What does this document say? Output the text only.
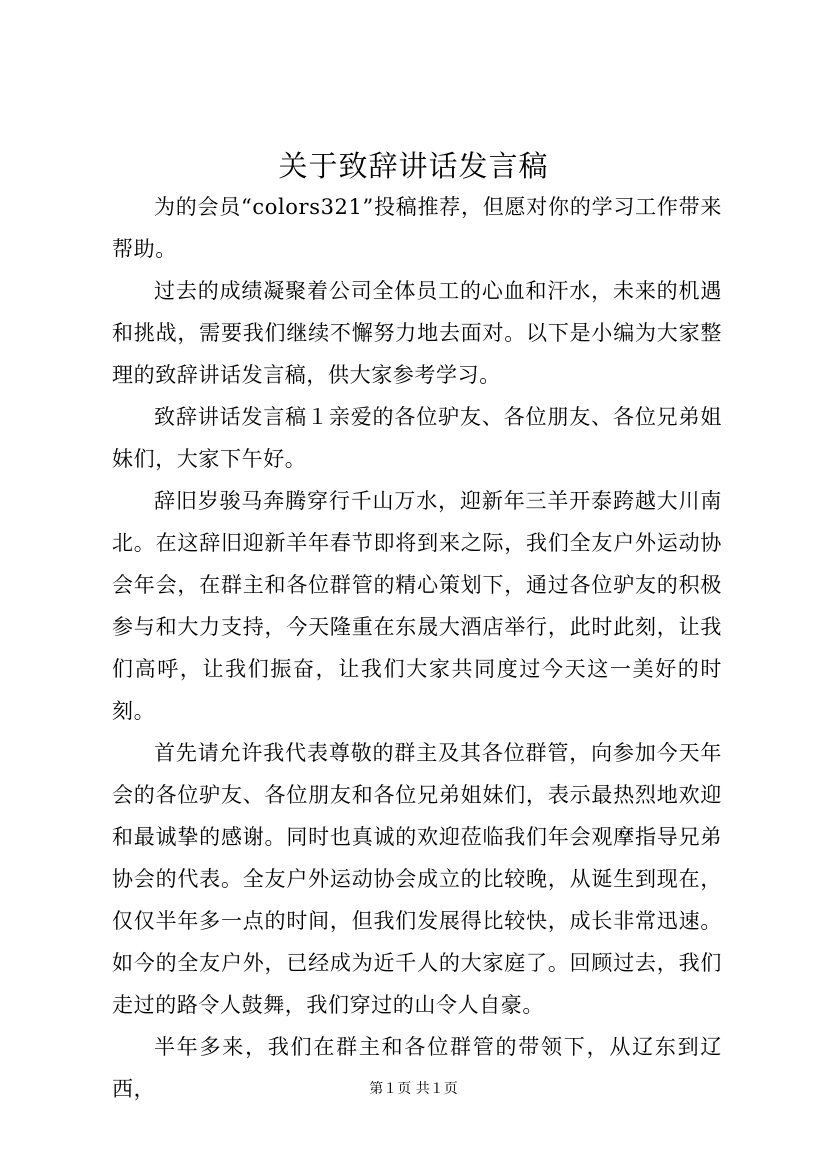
关于致辞讲话发言稿

为的会员“colors321”投稿推荐，但愿对你的学习工作带来帮助。

过去的成绩凝聚着公司全体员工的心血和汗水，未来的机遇和挑战，需要我们继续不懈努力地去面对。以下是小编为大家整理的致辞讲话发言稿，供大家参考学习。

致辞讲话发言稿１亲爱的各位驴友、各位朋友、各位兄弟姐妹们，大家下午好。

辞旧岁骏马奔腾穿行千山万水，迎新年三羊开泰跨越大川南北。在这辞旧迎新羊年春节即将到来之际，我们全友户外运动协会年会，在群主和各位群管的精心策划下，通过各位驴友的积极参与和大力支持，今天隆重在东晟大酒店举行，此时此刻，让我们高呼，让我们振奋，让我们大家共同度过今天这一美好的时刻。

首先请允许我代表尊敬的群主及其各位群管，向参加今天年会的各位驴友、各位朋友和各位兄弟姐妹们，表示最热烈地欢迎和最诚挚的感谢。同时也真诚的欢迎莅临我们年会观摩指导兄弟协会的代表。全友户外运动协会成立的比较晚，从诞生到现在，仅仅半年多一点的时间，但我们发展得比较快，成长非常迅速。如今的全友户外，已经成为近千人的大家庭了。回顾过去，我们走过的路令人鼓舞，我们穿过的山令人自豪。

半年多来，我们在群主和各位群管的带领下，从辽东到辽西，	第１页 共１页
